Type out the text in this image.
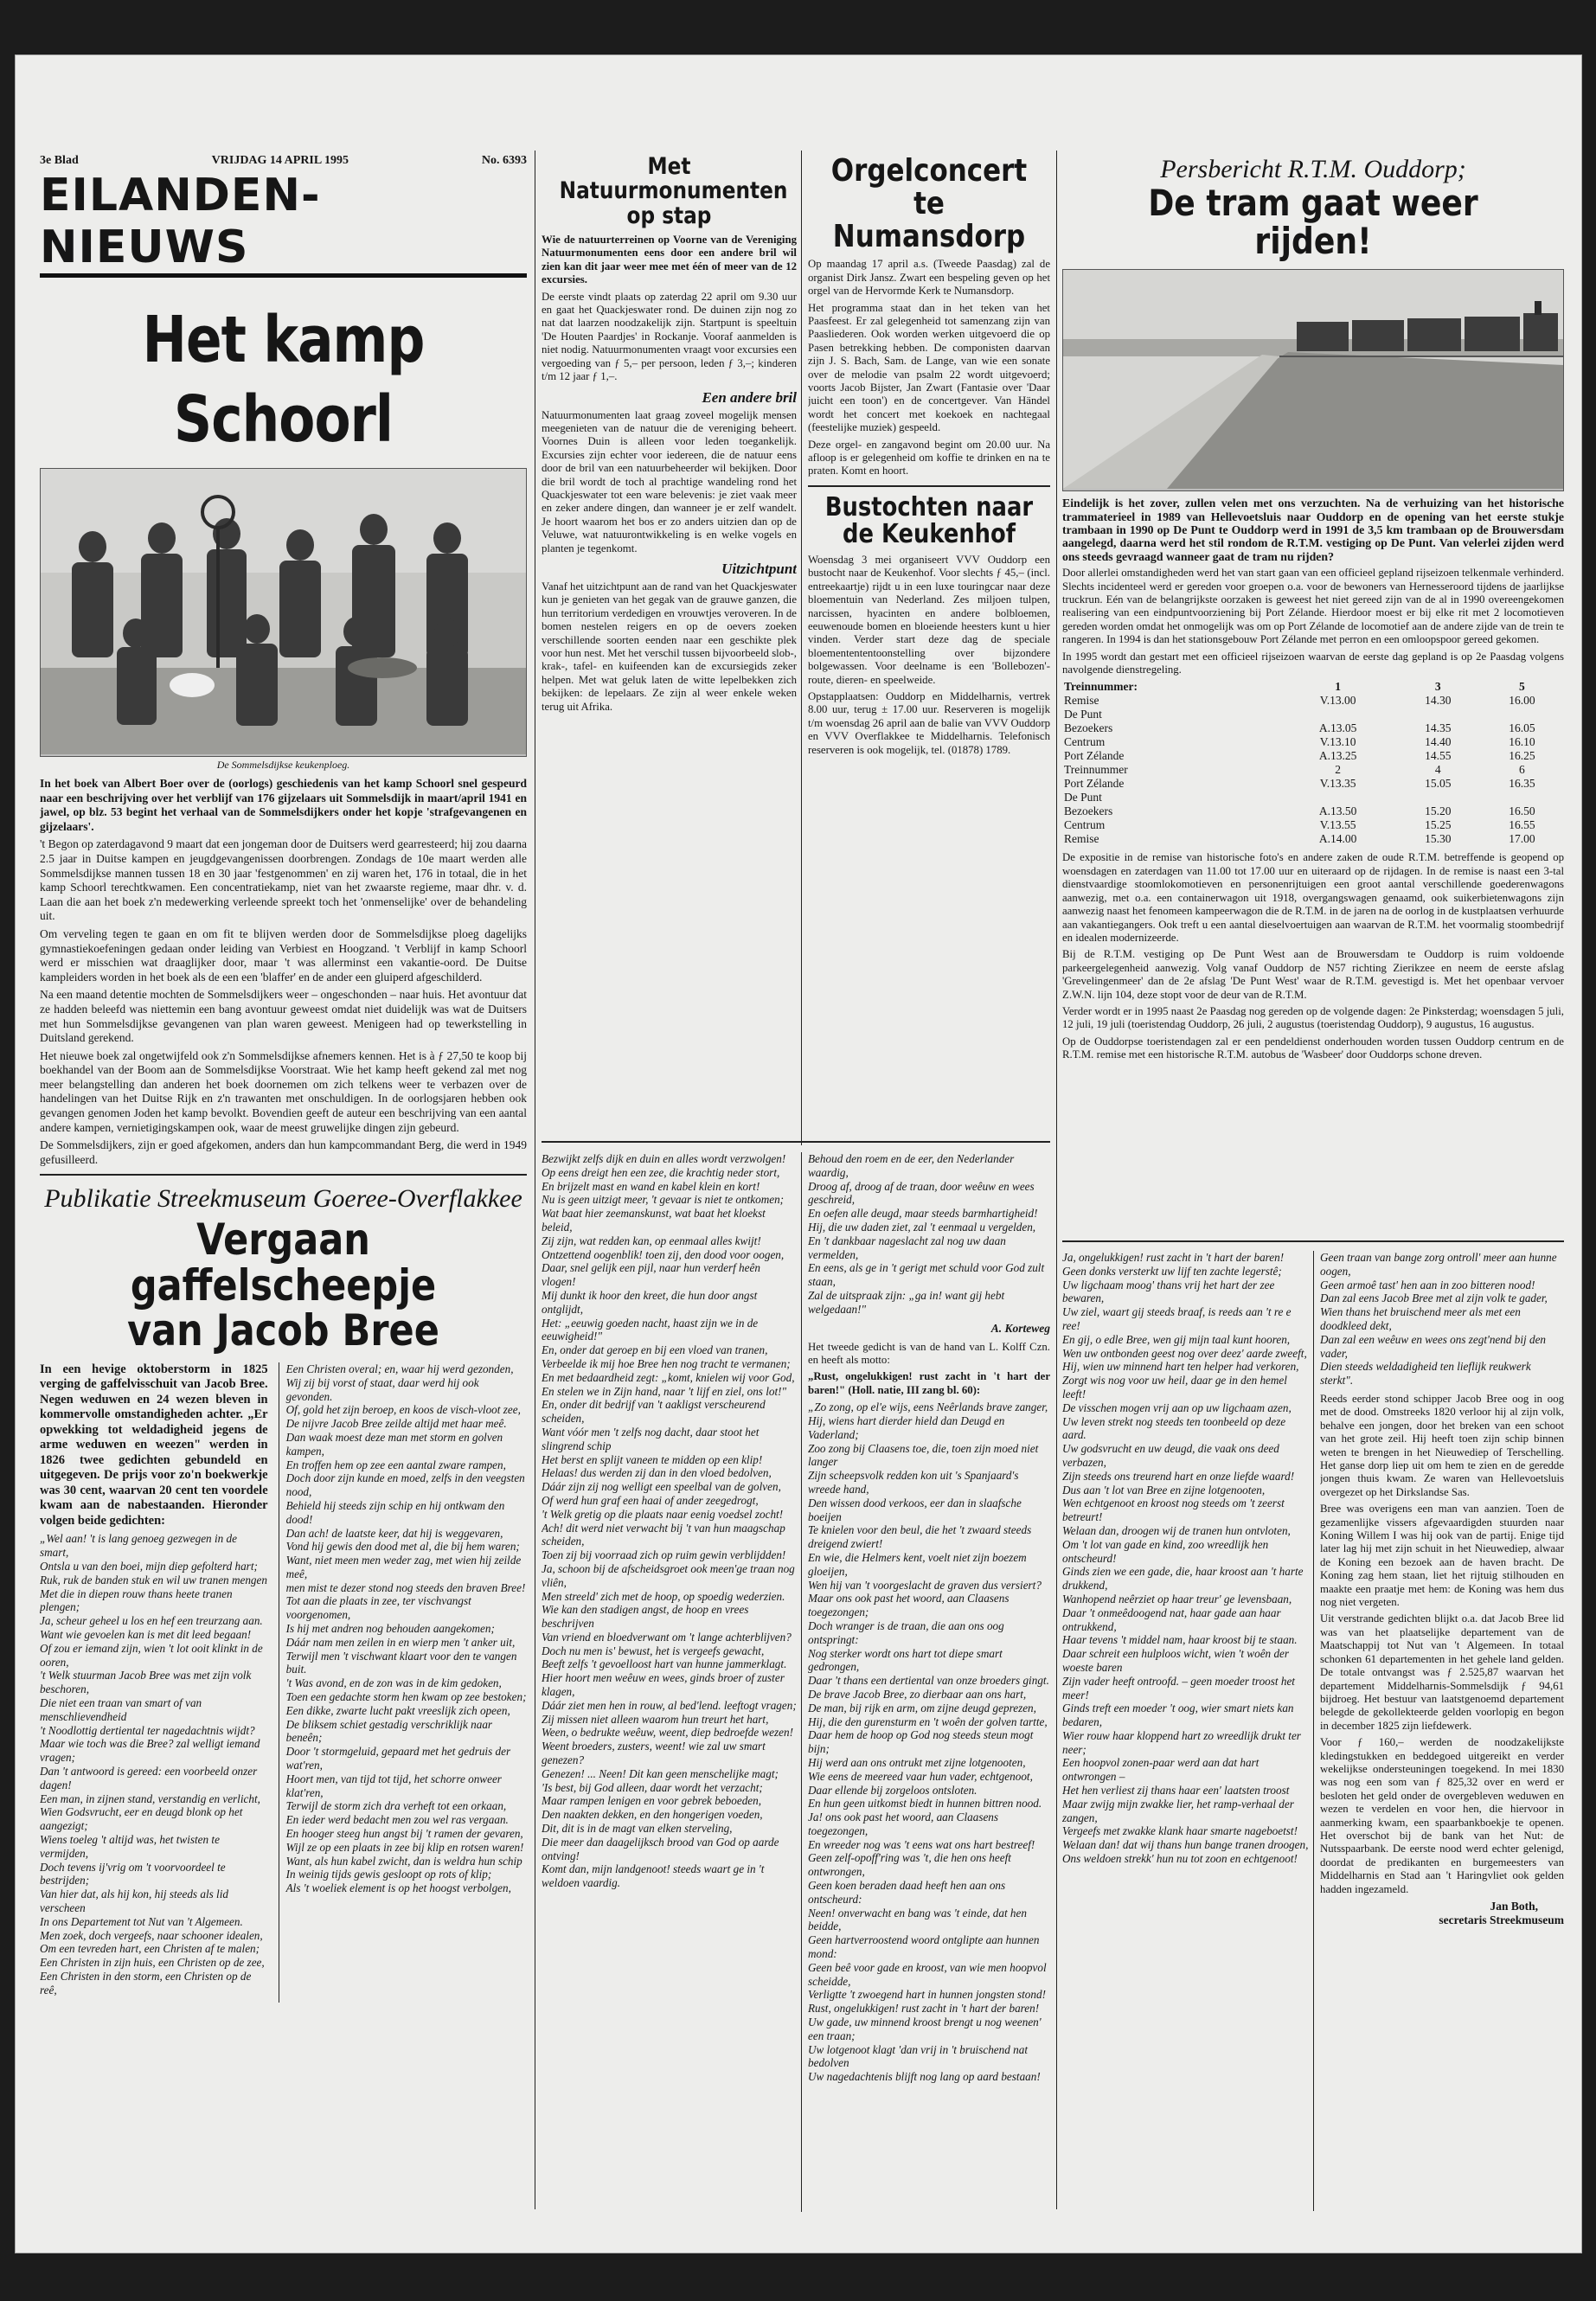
3e Blad	VRIJDAG 14 APRIL 1995	No. 6393
EILANDEN-NIEUWS
Het kamp Schoorl
De Sommelsdijkse keukenploeg.

In het boek van Albert Boer over de (oorlogs) geschiedenis van het kamp Schoorl snel gespeurd naar een beschrijving over het verblijf van 176 gijzelaars uit Sommelsdijk in maart/april 1941 en jawel, op blz. 53 begint het verhaal van de Sommelsdijkers onder het kopje 'strafgevangenen en gijzelaars'.

't Begon op zaterdagavond 9 maart dat een jongeman door de Duitsers werd gearresteerd; hij zou daarna 2.5 jaar in Duitse kampen en jeugdgevangenissen doorbrengen. Zondags de 10e maart werden alle Sommelsdijkse mannen tussen 18 en 30 jaar 'festgenommen' en zij waren het, 176 in totaal, die in het kamp Schoorl terechtkwamen. Een concentratiekamp, niet van het zwaarste regieme, maar dhr. v. d. Laan die aan het boek z'n medewerking verleende spreekt toch het 'onmenselijke' over de behandeling uit.

Om verveling tegen te gaan en om fit te blijven werden door de Sommelsdijkse ploeg dagelijks gymnastiekoefeningen gedaan onder leiding van Verbiest en Hoogzand. 't Verblijf in kamp Schoorl werd er misschien wat draaglijker door, maar 't was allerminst een vakantie-oord. De Duitse kampleiders worden in het boek als de een een 'blaffer' en de ander een gluiperd afgeschilderd.

Na een maand detentie mochten de Sommelsdijkers weer – ongeschonden – naar huis. Het avontuur dat ze hadden beleefd was niettemin een bang avontuur geweest omdat niet duidelijk was wat de Duitsers met hun Sommelsdijkse gevangenen van plan waren geweest. Menigeen had op tewerkstelling in Duitsland gerekend.

Het nieuwe boek zal ongetwijfeld ook z'n Sommelsdijkse afnemers kennen. Het is à ƒ 27,50 te koop bij boekhandel van der Boom aan de Sommelsdijkse Voorstraat. Wie het kamp heeft gekend zal met nog meer belangstelling dan anderen het boek doornemen om zich telkens weer te verbazen over de handelingen van het Duitse Rijk en z'n trawanten met onschuldigen. In de oorlogsjaren hebben ook gevangen genomen Joden het kamp bevolkt. Bovendien geeft de auteur een beschrijving van een aantal andere kampen, vernietigingskampen ook, waar de meest gruwelijke dingen zijn gebeurd.

De Sommelsdijkers, zijn er goed afgekomen, anders dan hun kampcommandant Berg, die werd in 1949 gefusilleerd.

Publikatie Streekmuseum Goeree-Overflakkee
Vergaan gaffelscheepje
van Jacob Bree

In een hevige oktoberstorm in 1825 verging de gaffelvisschuit van Jacob Bree. Negen weduwen en 24 wezen bleven in kommervolle omstandigheden achter. „Er opwekking tot weldadigheid jegens de arme weduwen en weezen" werden in 1826 twee gedichten gebundeld en uitgegeven. De prijs voor zo'n boekwerkje was 30 cent, waarvan 20 cent ten voordele kwam aan de nabestaanden. Hieronder volgen beide gedichten:

„Wel aan! 't is lang genoeg gezwegen in de smart,
Ontsla u van den boei, mijn diep gefolterd hart;
Ruk, ruk de banden stuk en wil uw tranen mengen
Met die in diepen rouw thans heete tranen plengen;
Ja, scheur geheel u los en hef een treurzang aan.
Want wie gevoelen kan is met dit leed begaan!
Of zou er iemand zijn, wien 't lot ooit klinkt in de ooren,
't Welk stuurman Jacob Bree was met zijn volk beschoren,
Die niet een traan van smart of van menschlievendheid
't Noodlottig dertiental ter nagedachtnis wijdt?
Maar wie toch was die Bree? zal welligt iemand vragen;
Dan 't antwoord is gereed: een voorbeeld onzer dagen!
Een man, in zijnen stand, verstandig en verlicht,
Wien Godsvrucht, eer en deugd blonk op het aangezigt;
Wiens toeleg 't altijd was, het twisten te vermijden,
Doch tevens ij'vrig om 't voorvoordeel te bestrijden;
Van hier dat, als hij kon, hij steeds als lid verscheen
In ons Departement tot Nut van 't Algemeen.
Men zoek, doch vergeefs, naar schooner idealen,
Om een tevreden hart, een Christen af te malen;
Een Christen in zijn huis, een Christen op de zee,
Een Christen in den storm, een Christen op de reê,
Een Christen overal; en, waar hij werd gezonden,
Wij zij bij vorst of staat, daar werd hij ook gevonden.
Of, gold het zijn beroep, en koos de visch-vloot zee,
De nijvre Jacob Bree zeilde altijd met haar meê.
Dan waak moest deze man met storm en golven kampen,
En troffen hem op zee een aantal zware rampen,
Doch door zijn kunde en moed, zelfs in den veegsten nood,
Behield hij steeds zijn schip en hij ontkwam den dood!
Dan ach! de laatste keer, dat hij is weggevaren,
Vond hij gewis den dood met al, die bij hem waren;
Want, niet meen men weder zag, met wien hij zeilde meê,
men mist te dezer stond nog steeds den braven Bree!
Tot aan die plaats in zee, ter vischvangst voorgenomen,
Is hij met andren nog behouden aangekomen;
Dáár nam men zeilen in en wierp men 't anker uit,
Terwijl men 't vischwant klaart voor den te vangen buit.
't Was avond, en de zon was in de kim gedoken,
Toen een gedachte storm hen kwam op zee bestoken;
Een dikke, zwarte lucht pakt vreeslijk zich opeen,
De bliksem schiet gestadig verschriklijk naar beneên;
Door 't stormgeluid, gepaard met het gedruis der wat'ren,
Hoort men, van tijd tot tijd, het schorre onweer klat'ren,
Terwijl de storm zich dra verheft tot een orkaan,
En ieder werd bedacht men zou wel ras vergaan.
En hooger steeg hun angst bij 't ramen der gevaren,
Wijl ze op een plaats in zee bij klip en rotsen waren!
Want, als hun kabel zwicht, dan is weldra hun schip
In weinig tijds gewis gesloopt op rots of klip;
Als 't woeliek element is op het hoogst verbolgen,
Met Natuurmonumenten op stap

Wie de natuurterreinen op Voorne van de Vereniging Natuurmonumenten eens door een andere bril wil zien kan dit jaar weer mee met één of meer van de 12 excursies.

De eerste vindt plaats op zaterdag 22 april om 9.30 uur en gaat het Quackjeswater rond. De duinen zijn nog zo nat dat laarzen noodzakelijk zijn. Startpunt is speeltuin 'De Houten Paardjes' in Rockanje. Vooraf aanmelden is niet nodig. Natuurmonumenten vraagt voor excursies een vergoeding van ƒ 5,– per persoon, leden ƒ 3,–; kinderen t/m 12 jaar ƒ 1,–.

Een andere bril

Natuurmonumenten laat graag zoveel mogelijk mensen meegenieten van de natuur die de vereniging beheert. Voornes Duin is alleen voor leden toegankelijk. Excursies zijn echter voor iedereen, die de natuur eens door de bril van een natuurbeheerder wil bekijken. Door die bril wordt de toch al prachtige wandeling rond het Quackjeswater tot een ware belevenis: je ziet vaak meer en zeker andere dingen, dan wanneer je er zelf wandelt. Je hoort waarom het bos er zo anders uitzien dan op de Veluwe, wat natuurontwikkeling is en welke vogels en planten je tegenkomt.

Uitzichtpunt

Vanaf het uitzichtpunt aan de rand van het Quackjeswater kun je genieten van het gegak van de grauwe ganzen, die hun territorium verdedigen en vrouwtjes veroveren. In de bomen nestelen reigers en op de oevers zoeken verschillende soorten eenden naar een geschikte plek voor hun nest. Met het verschil tussen bijvoorbeeld slob-, krak-, tafel- en kuifeenden kan de excursiegids zeker helpen. Met wat geluk laten de witte lepelbekken zich bekijken: de lepelaars. Ze zijn al weer enkele weken terug uit Afrika.

Orgelconcert te Numansdorp

Op maandag 17 april a.s. (Tweede Paasdag) zal de organist Dirk Jansz. Zwart een bespeling geven op het orgel van de Hervormde Kerk te Numansdorp.

Het programma staat dan in het teken van het Paasfeest. Er zal gelegenheid tot samenzang zijn van Paasliederen. Ook worden werken uitgevoerd die op Pasen betrekking hebben. De componisten daarvan zijn J. S. Bach, Sam. de Lange, van wie een sonate over de melodie van psalm 22 wordt uitgevoerd; voorts Jacob Bijster, Jan Zwart (Fantasie over 'Daar juicht een toon') en de concertgever. Van Händel wordt het concert met koekoek en nachtegaal (feestelijke muziek) gespeeld.

Deze orgel- en zangavond begint om 20.00 uur. Na afloop is er gelegenheid om koffie te drinken en na te praten. Komt en hoort.

Bustochten naar de Keukenhof

Woensdag 3 mei organiseert VVV Ouddorp een bustocht naar de Keukenhof. Voor slechts ƒ 45,– (incl. entreekaartje) rijdt u in een luxe touringcar naar deze bloementuin van Nederland. Zes miljoen tulpen, narcissen, hyacinten en andere bolbloemen, eeuwenoude bomen en bloeiende heesters kunt u hier vinden. Verder start deze dag de speciale bloementententoonstelling over bijzondere bolgewassen. Voor deelname is een 'Bollebozen'-route, dieren- en speelweide.

Opstapplaatsen: Ouddorp en Middelharnis, vertrek 8.00 uur, terug ± 17.00 uur. Reserveren is mogelijk t/m woensdag 26 april aan de balie van VVV Ouddorp en VVV Overflakkee te Middelharnis. Telefonisch reserveren is ook mogelijk, tel. (01878) 1789.

Bezwijkt zelfs dijk en duin en alles wordt verzwolgen!
Op eens dreigt hen een zee, die krachtig neder stort,
En brijzelt mast en wand en kabel klein en kort!
Nu is geen uitzigt meer, 't gevaar is niet te ontkomen;
Wat baat hier zeemanskunst, wat baat het kloekst beleid,
Zij zijn, wat redden kan, op eenmaal alles kwijt!
Ontzettend oogenblik! toen zij, den dood voor oogen,
Daar, snel gelijk een pijl, naar hun verderf heên vlogen!
Mij dunkt ik hoor den kreet, die hun door angst ontglijdt,
Het: „eeuwig goeden nacht, haast zijn we in de eeuwigheid!"
En, onder dat geroep en bij een vloed van tranen,
Verbeelde ik mij hoe Bree hen nog tracht te vermanen;
En met bedaardheid zegt: „komt, knielen wij voor God,
En stelen we in Zijn hand, naar 't lijf en ziel, ons lot!"
En, onder dit bedrijf van 't aakligst verscheurend scheiden,
Want vóór men 't zelfs nog dacht, daar stoot het slingrend schip
Het berst en splijt vaneen te midden op een klip!
Helaas! dus werden zij dan in den vloed bedolven,
Dáár zijn zij nog welligt een speelbal van de golven,
Of werd hun graf een haai of ander zeegedrogt,
't Welk gretig op die plaats naar eenig voedsel zocht!
Ach! dit werd niet verwacht bij 't van hun maagschap scheiden,
Toen zij bij voorraad zich op ruim gewin verblijdden!
Ja, schoon bij de afscheidsgroet ook meen'ge traan nog vliên,
Men streeld' zich met de hoop, op spoedig wederzien.
Wie kan den stadigen angst, de hoop en vrees beschrijven
Van vriend en bloedverwant om 't lange achterblijven?
Doch nu men is' bewust, het is vergeefs gewacht,
Beeft zelfs 't gevoelloost hart van hunne jammerklagt.
Hier hoort men weêuw en wees, ginds broer of zuster klagen,
Dáár ziet men hen in rouw, al bed'lend. leeftogt vragen;
Zij missen niet alleen waarom hun treurt het hart,
Ween, o bedrukte weêuw, weent, diep bedroefde wezen!
Weent broeders, zusters, weent! wie zal uw smart genezen?
Genezen! ... Neen! Dit kan geen menschelijke magt;
'Is best, bij God alleen, daar wordt het verzacht;
Maar rampen lenigen en voor gebrek beboeden,
Den naakten dekken, en den hongerigen voeden,
Dit, dit is in de magt van elken sterveling,
Die meer dan daagelijksch brood van God op aarde ontving!
Komt dan, mijn landgenoot! steeds waart ge in 't weldoen vaardig.
Behoud den roem en de eer, den Nederlander waardig,
Droog af, droog af de traan, door weêuw en wees geschreid,
En oefen alle deugd, maar steeds barmhartigheid!
Hij, die uw daden ziet, zal 't eenmaal u vergelden,
En 't dankbaar nageslacht zal nog uw daan vermelden,
En eens, als ge in 't gerigt met schuld voor God zult staan,
Zal de uitspraak zijn: „ga in! want gij hebt welgedaan!"
A. Korteweg

Het tweede gedicht is van de hand van L. Kolff Czn. en heeft als motto:

„Rust, ongelukkigen! rust zacht in 't hart der baren!" (Holl. natie, III zang bl. 60):

„Zo zong, op el'e wijs, eens Neêrlands brave zanger,
Hij, wiens hart dierder hield dan Deugd en Vaderland;
Zoo zong bij Claasens toe, die, toen zijn moed niet langer
Zijn scheepsvolk redden kon uit 's Spanjaard's wreede hand,
Den wissen dood verkoos, eer dan in slaafsche boeijen
Te knielen voor den beul, die het 't zwaard steeds dreigend zwiert!
En wie, die Helmers kent, voelt niet zijn boezem gloeijen,
Wen hij van 't voorgeslacht de graven dus versiert?
Maar ons ook past het woord, aan Claasens toegezongen;
Doch wranger is de traan, die aan ons oog ontspringt:
Nog sterker wordt ons hart tot diepe smart gedrongen,
Daar 't thans een dertiental van onze broeders gingt.
De brave Jacob Bree, zo dierbaar aan ons hart,
De man, bij rijk en arm, om zijne deugd geprezen,
Hij, die den gurensturm en 't woên der golven tartte,
Daar hem de hoop op God nog steeds steun mogt bijn;
Hij werd aan ons ontrukt met zijne lotgenooten,
Wie eens de meereed vaar hun vader, echtgenoot,
Daar ellende bij zorgeloos ontsloten.
En hun geen uitkomst biedt in hunnen bittren nood.
Ja! ons ook past het woord, aan Claasens toegezongen,
En wreeder nog was 't eens wat ons hart bestreef!
Geen zelf-opoff'ring was 't, die hen ons heeft ontwrongen,
Geen koen beraden daad heeft hen aan ons ontscheurd:
Neen! onverwacht en bang was 't einde, dat hen beidde,
Geen hartverroostend woord ontglipte aan hunnen mond:
Geen beê voor gade en kroost, van wie men hoopvol scheidde,
Verligtte 't zwoegend hart in hunnen jongsten stond!
Rust, ongelukkigen! rust zacht in 't hart der baren!
Uw gade, uw minnend kroost brengt u nog weenen' een traan;
Uw lotgenoot klagt 'dan vrij in 't bruischend nat bedolven
Uw nagedachtenis blijft nog lang op aard bestaan!
Persbericht R.T.M. Ouddorp;
De tram gaat weer rijden!

Eindelijk is het zover, zullen velen met ons verzuchten. Na de verhuizing van het historische trammaterieel in 1989 van Hellevoetsluis naar Ouddorp en de opening van het eerste stukje trambaan in 1990 op De Punt te Ouddorp werd in 1991 de 3,5 km trambaan op de Brouwersdam aangelegd, daarna werd het stil rondom de R.T.M. vestiging op De Punt. Van velerlei zijden werd ons steeds gevraagd wanneer gaat de tram nu rijden?

Door allerlei omstandigheden werd het van start gaan van een officieel gepland rijseizoen telkenmale verhinderd. Slechts incidenteel werd er gereden voor groepen o.a. voor de bewoners van Hernesseroord tijdens de jaarlijkse truckrun. Eén van de belangrijkste oorzaken is geweest het niet gereed zijn van de al in 1990 overeengekomen realisering van een eindpuntvoorziening bij Port Zélande. Hierdoor moest er bij elke rit met 2 locomotieven gereden worden omdat het onmogelijk was om op Port Zélande de locomotief aan de andere zijde van de trein te rangeren. In 1994 is dan het stationsgebouw Port Zélande met perron en een omloopspoor gereed gekomen.

In 1995 wordt dan gestart met een officieel rijseizoen waarvan de eerste dag gepland is op 2e Paasdag volgens navolgende dienstregeling.

Treinnummer:	1	3	5
Remise	V.13.00	14.30	16.00
De Punt			
Bezoekers	A.13.05	14.35	16.05
Centrum	V.13.10	14.40	16.10
Port Zélande	A.13.25	14.55	16.25
Treinnummer	2	4	6
Port Zélande	V.13.35	15.05	16.35
De Punt			
Bezoekers	A.13.50	15.20	16.50
Centrum	V.13.55	15.25	16.55
Remise	A.14.00	15.30	17.00

De expositie in de remise van historische foto's en andere zaken de oude R.T.M. betreffende is geopend op woensdagen en zaterdagen van 11.00 tot 17.00 uur en uiteraard op de rijdagen. In de remise is naast een 3-tal dienstvaardige stoomlokomotieven en personenrijtuigen een groot aantal verschillende goederenwagons aanwezig, met o.a. een containerwagon uit 1918, overgangswagen genaamd, ook suikerbietenwagons zijn aanwezig naast het fenomeen kampeerwagon die de R.T.M. in de jaren na de oorlog in de kustplaatsen verhuurde aan vakantiegangers. Ook treft u een aantal dieselvoertuigen aan waarvan de R.T.M. het voormalig stoombedrijf en idealen modernizeerde.

Bij de R.T.M. vestiging op De Punt West aan de Brouwersdam te Ouddorp is ruim voldoende parkeergelegenheid aanwezig. Volg vanaf Ouddorp de N57 richting Zierikzee en neem de eerste afslag 'Grevelingenmeer' dan de 2e afslag 'De Punt West' waar de R.T.M. gevestigd is. Met het openbaar vervoer Z.W.N. lijn 104, deze stopt voor de deur van de R.T.M.

Verder wordt er in 1995 naast 2e Paasdag nog gereden op de volgende dagen: 2e Pinksterdag; woensdagen 5 juli, 12 juli, 19 juli (toeristendag Ouddorp, 26 juli, 2 augustus (toeristendag Ouddorp), 9 augustus, 16 augustus.

Op de Ouddorpse toeristendagen zal er een pendeldienst onderhouden worden tussen Ouddorp centrum en de R.T.M. remise met een historische R.T.M. autobus de 'Wasbeer' door Ouddorps schone dreven.

Ja, ongelukkigen! rust zacht in 't hart der baren!
Geen donks versterkt uw lijf ten zachte legerstê;
Uw ligchaam moog' thans vrij het hart der zee bewaren,
Uw ziel, waart gij steeds braaf, is reeds aan 't re e ree!
En gij, o edle Bree, wen gij mijn taal kunt hooren,
Wen uw ontbonden geest nog over deez' aarde zweeft,
Hij, wien uw minnend hart ten helper had verkoren,
Zorgt wis nog voor uw heil, daar ge in den hemel leeft!
De visschen mogen vrij aan op uw ligchaam azen,
Uw leven strekt nog steeds ten toonbeeld op deze aard.
Uw godsvrucht en uw deugd, die vaak ons deed verbazen,
Zijn steeds ons treurend hart en onze liefde waard!
Dus aan 't lot van Bree en zijne lotgenooten,
Wen echtgenoot en kroost nog steeds om 't zeerst betreurt!
Welaan dan, droogen wij de tranen hun ontvloten,
Om 't lot van gade en kind, zoo wreedlijk hen ontscheurd!
Ginds zien we een gade, die, haar kroost aan 't harte drukkend,
Wanhopend neêrziet op haar treur' ge levensbaan,
Daar 't onmeêdoogend nat, haar gade aan haar ontrukkend,
Haar tevens 't middel nam, haar kroost bij te staan.
Daar schreit een hulploos wicht, wien 't woên der woeste baren
Zijn vader heeft ontroofd. – geen moeder troost het meer!
Ginds treft een moeder 't oog, wier smart niets kan bedaren,
Wier rouw haar kloppend hart zo wreedlijk drukt ter neer;
Een hoopvol zonen-paar werd aan dat hart ontwrongen –
Het hen verliest zij thans haar een' laatsten troost
Maar zwijg mijn zwakke lier, het ramp-verhaal der zangen,
Vergeefs met zwakke klank haar smarte nageboetst!
Welaan dan! dat wij thans hun bange tranen droogen,
Ons weldoen strekk' hun nu tot zoon en echtgenoot!
Geen traan van bange zorg ontroll' meer aan hunne oogen,
Geen armoê tast' hen aan in zoo bitteren nood!
Dan zal eens Jacob Bree met al zijn volk te gader,
Wien thans het bruischend meer als met een doodkleed dekt,
Dan zal een weêuw en wees ons zegt'nend bij den vader,
Dien steeds weldadigheid ten lieflijk reukwerk sterkt".

Reeds eerder stond schipper Jacob Bree oog in oog met de dood. Omstreeks 1820 verloor hij al zijn volk, behalve een jongen, door het breken van een schoot van het grote zeil. Hij heeft toen zijn schip binnen weten te brengen in het Nieuwediep of Terschelling. Het ganse dorp liep uit om hem te zien en de geredde jongen thuis kwam. Ze waren van Hellevoetsluis overgezet op het Dirkslandse Sas.

Bree was overigens een man van aanzien. Toen de gezamenlijke vissers afgevaardigden stuurden naar Koning Willem I was hij ook van de partij. Enige tijd later lag hij met zijn schuit in het Nieuwediep, alwaar de Koning een bezoek aan de haven bracht. De Koning zag hem staan, liet het rijtuig stilhouden en maakte een praatje met hem: de Koning was hem dus nog niet vergeten.

Uit verstrande gedichten blijkt o.a. dat Jacob Bree lid was van het plaatselijke departement van de Maatschappij tot Nut van 't Algemeen. In totaal schonken 61 departementen in het gehele land gelden. De totale ontvangst was ƒ 2.525,87 waarvan het departement Middelharnis-Sommelsdijk ƒ 94,61 bijdroeg. Het bestuur van laatstgenoemd departement belegde de gekollekteerde gelden voorlopig en begon in december 1825 zijn liefdewerk.

Voor ƒ 160,– werden de noodzakelijkste kledingstukken en beddegoed uitgereikt en verder wekelijkse ondersteuningen toegekend. In mei 1830 was nog een som van ƒ 825,32 over en werd er besloten het geld onder de overgebleven weduwen en wezen te verdelen en voor hen, die hiervoor in aanmerking kwam, een spaarbankboekje te openen. Het overschot bij de bank van het Nut: de Nutsspaarbank. De eerste nood werd echter gelenigd, doordat de predikanten en burgemeesters van Middelharnis en Stad aan 't Haringvliet ook gelden hadden ingezameld.

Jan Both,
secretaris Streekmuseum
